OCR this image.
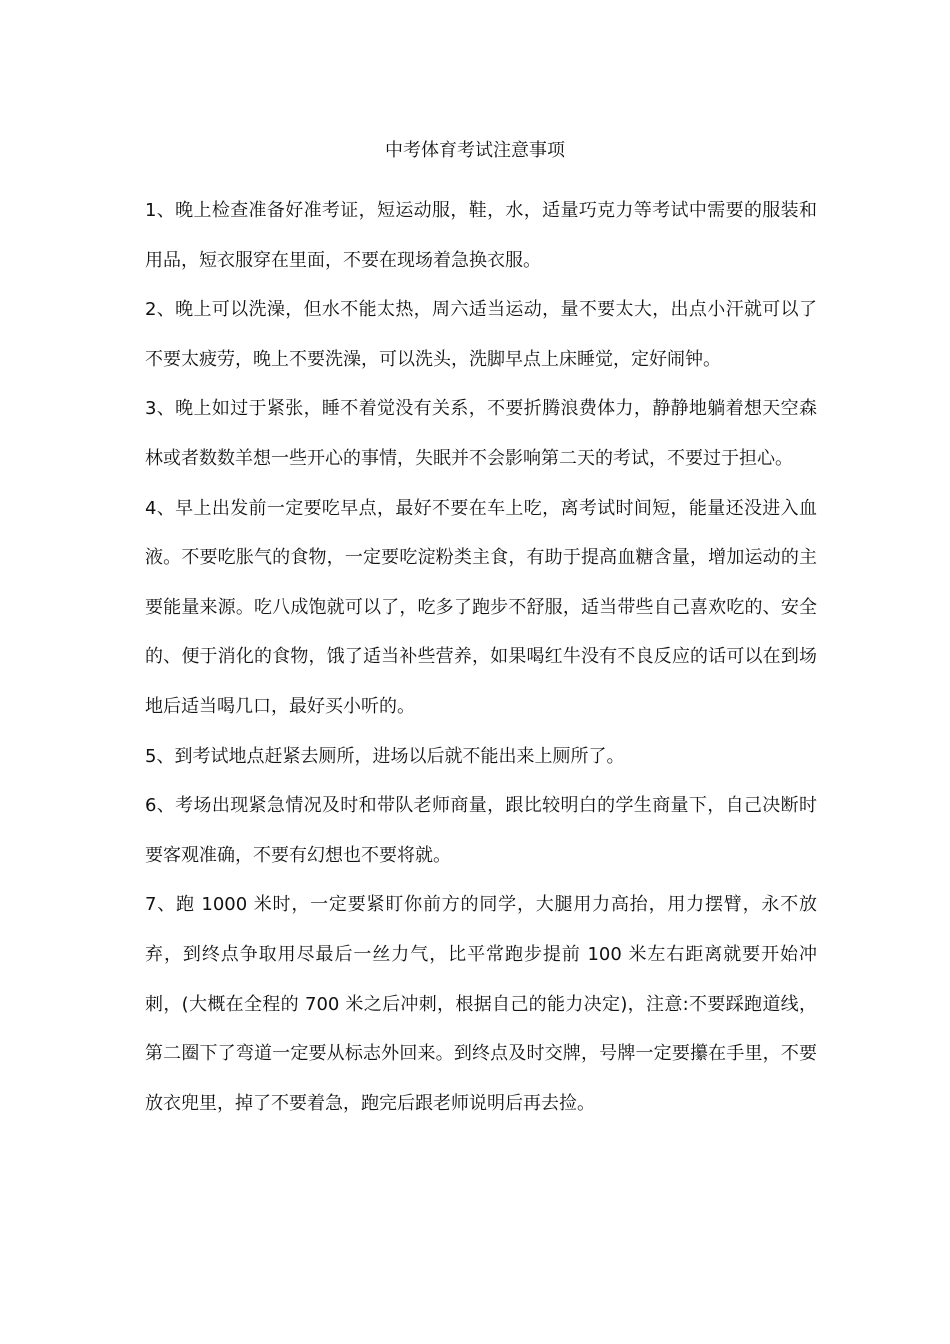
中考体育考试注意事项

1、晚上检查准备好准考证，短运动服，鞋，水，适量巧克力等考试中需要的服装和用品，短衣服穿在里面，不要在现场着急换衣服。

2、晚上可以洗澡，但水不能太热，周六适当运动，量不要太大，出点小汗就可以了不要太疲劳，晚上不要洗澡，可以洗头，洗脚早点上床睡觉，定好闹钟。

3、晚上如过于紧张，睡不着觉没有关系，不要折腾浪费体力，静静地躺着想天空森林或者数数羊想一些开心的事情，失眠并不会影响第二天的考试，不要过于担心。

4、早上出发前一定要吃早点，最好不要在车上吃，离考试时间短，能量还没进入血液。不要吃胀气的食物，一定要吃淀粉类主食，有助于提高血糖含量，增加运动的主要能量来源。吃八成饱就可以了，吃多了跑步不舒服，适当带些自己喜欢吃的、安全的、便于消化的食物，饿了适当补些营养，如果喝红牛没有不良反应的话可以在到场地后适当喝几口，最好买小听的。

5、到考试地点赶紧去厕所，进场以后就不能出来上厕所了。

6、考场出现紧急情况及时和带队老师商量，跟比较明白的学生商量下，自己决断时要客观准确，不要有幻想也不要将就。

7、跑 1000 米时，一定要紧盯你前方的同学，大腿用力高抬，用力摆臂，永不放弃，到终点争取用尽最后一丝力气，比平常跑步提前 100 米左右距离就要开始冲刺，(大概在全程的 700 米之后冲刺，根据自己的能力决定)，注意:不要踩跑道线，第二圈下了弯道一定要从标志外回来。到终点及时交牌，号牌一定要攥在手里，不要放衣兜里，掉了不要着急，跑完后跟老师说明后再去捡。
